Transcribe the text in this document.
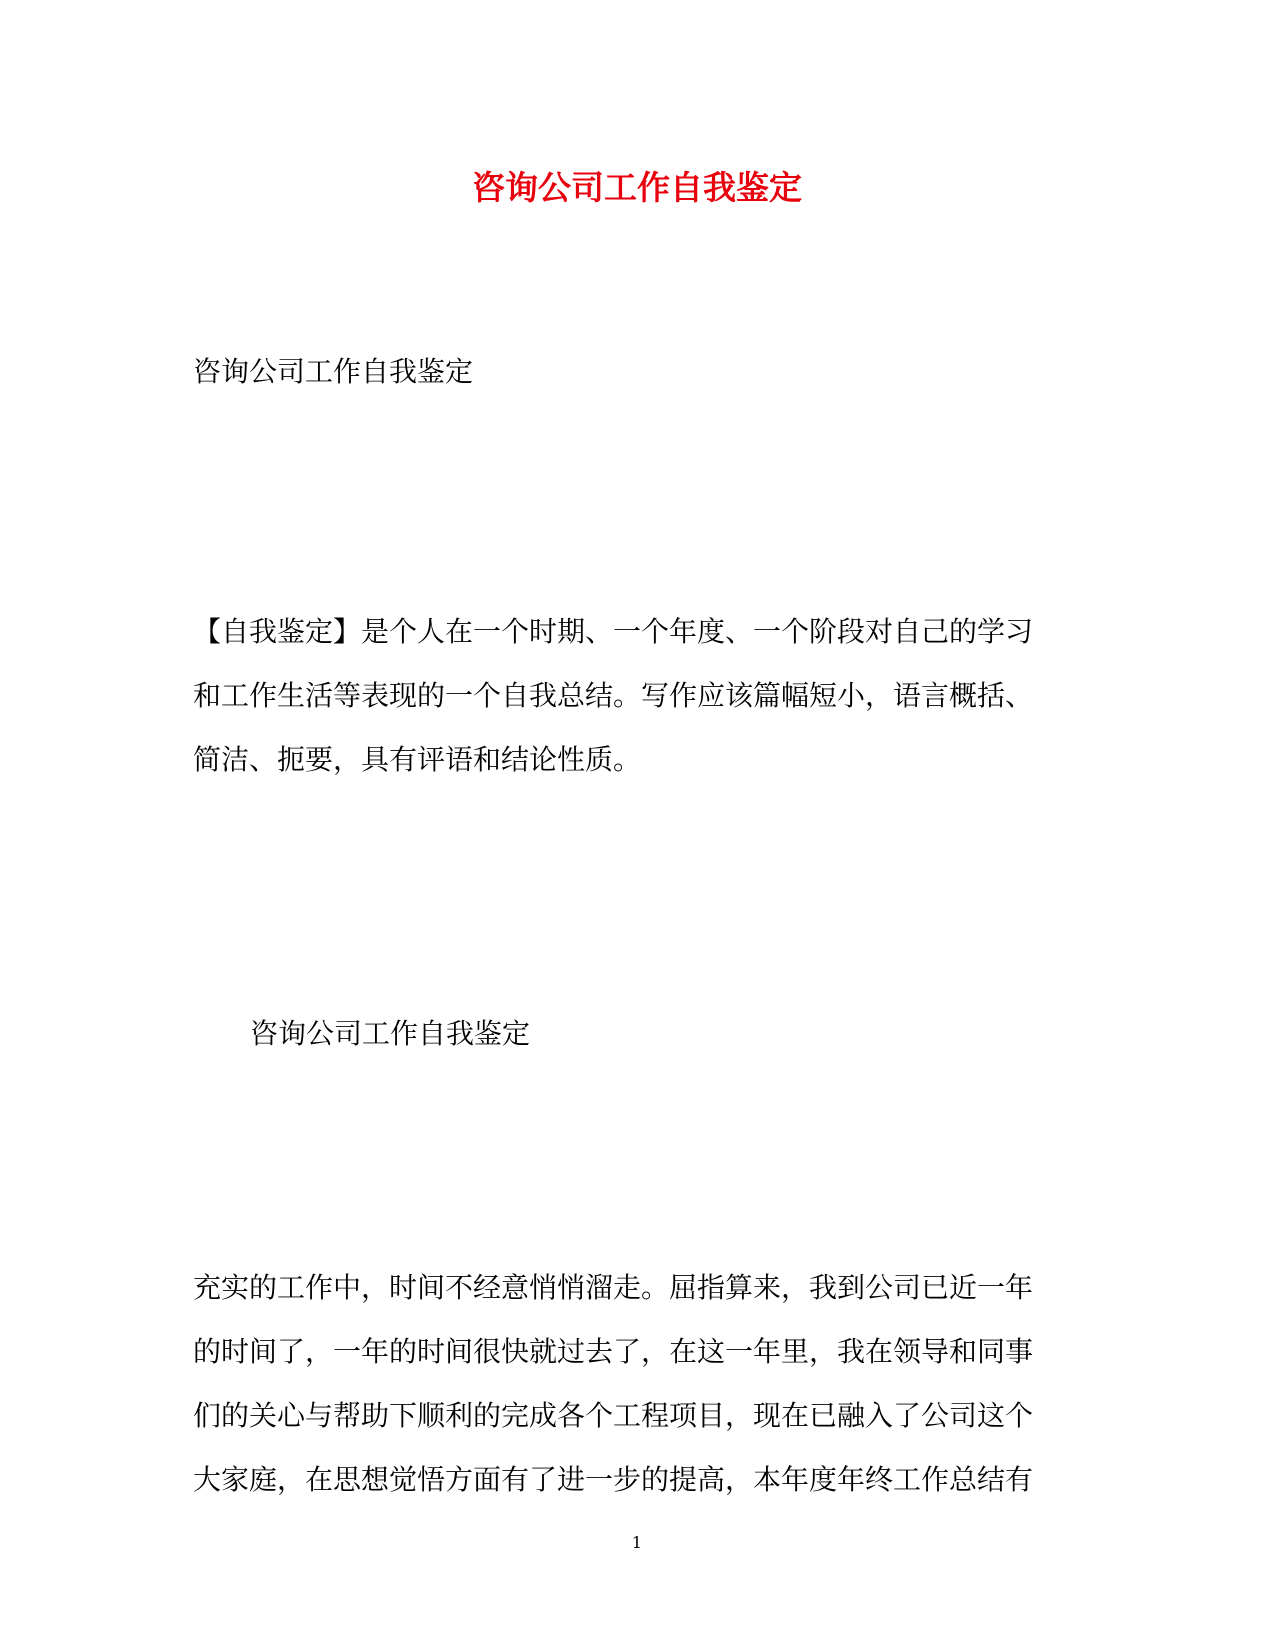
咨询公司工作自我鉴定

咨询公司工作自我鉴定

【自我鉴定】是个人在一个时期、一个年度、一个阶段对自己的学习
和工作生活等表现的一个自我总结。写作应该篇幅短小，语言概括、
简洁、扼要，具有评语和结论性质。

咨询公司工作自我鉴定

充实的工作中，时间不经意悄悄溜走。屈指算来，我到公司已近一年
的时间了，一年的时间很快就过去了，在这一年里，我在领导和同事
们的关心与帮助下顺利的完成各个工程项目，现在已融入了公司这个
大家庭，在思想觉悟方面有了进一步的提高，本年度年终工作总结有

1
